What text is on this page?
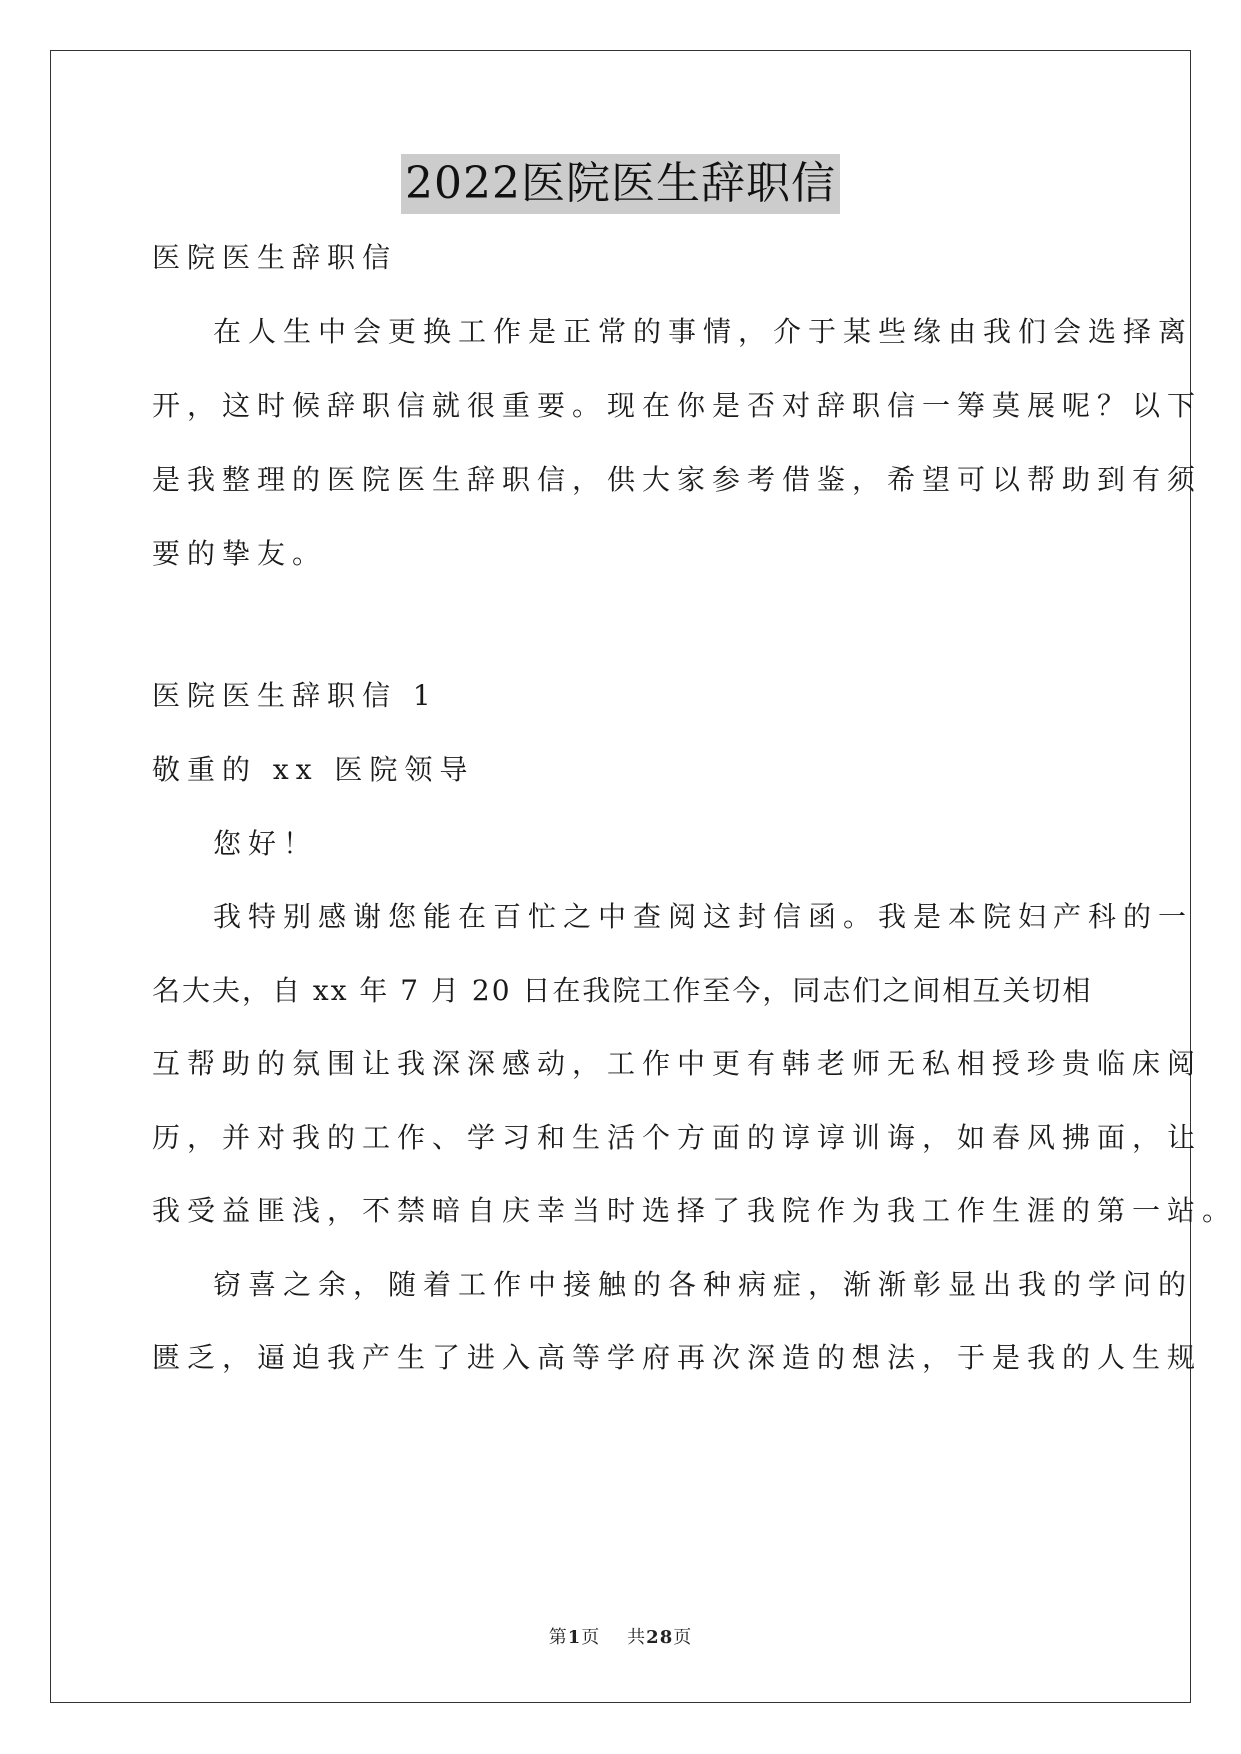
2022医院医生辞职信
医院医生辞职信
在人生中会更换工作是正常的事情，介于某些缘由我们会选择离
开，这时候辞职信就很重要。现在你是否对辞职信一筹莫展呢？以下
是我整理的医院医生辞职信，供大家参考借鉴，希望可以帮助到有须
要的挚友。
医院医生辞职信 1
敬重的 xx 医院领导
您好！
我特别感谢您能在百忙之中查阅这封信函。我是本院妇产科的一
名大夫，自 xx 年 7 月 20 日在我院工作至今，同志们之间相互关切相
互帮助的氛围让我深深感动，工作中更有韩老师无私相授珍贵临床阅
历，并对我的工作、学习和生活个方面的谆谆训诲，如春风拂面，让
我受益匪浅，不禁暗自庆幸当时选择了我院作为我工作生涯的第一站。
窃喜之余，随着工作中接触的各种病症，渐渐彰显出我的学问的
匮乏，逼迫我产生了进入高等学府再次深造的想法，于是我的人生规
第1页 共28页
